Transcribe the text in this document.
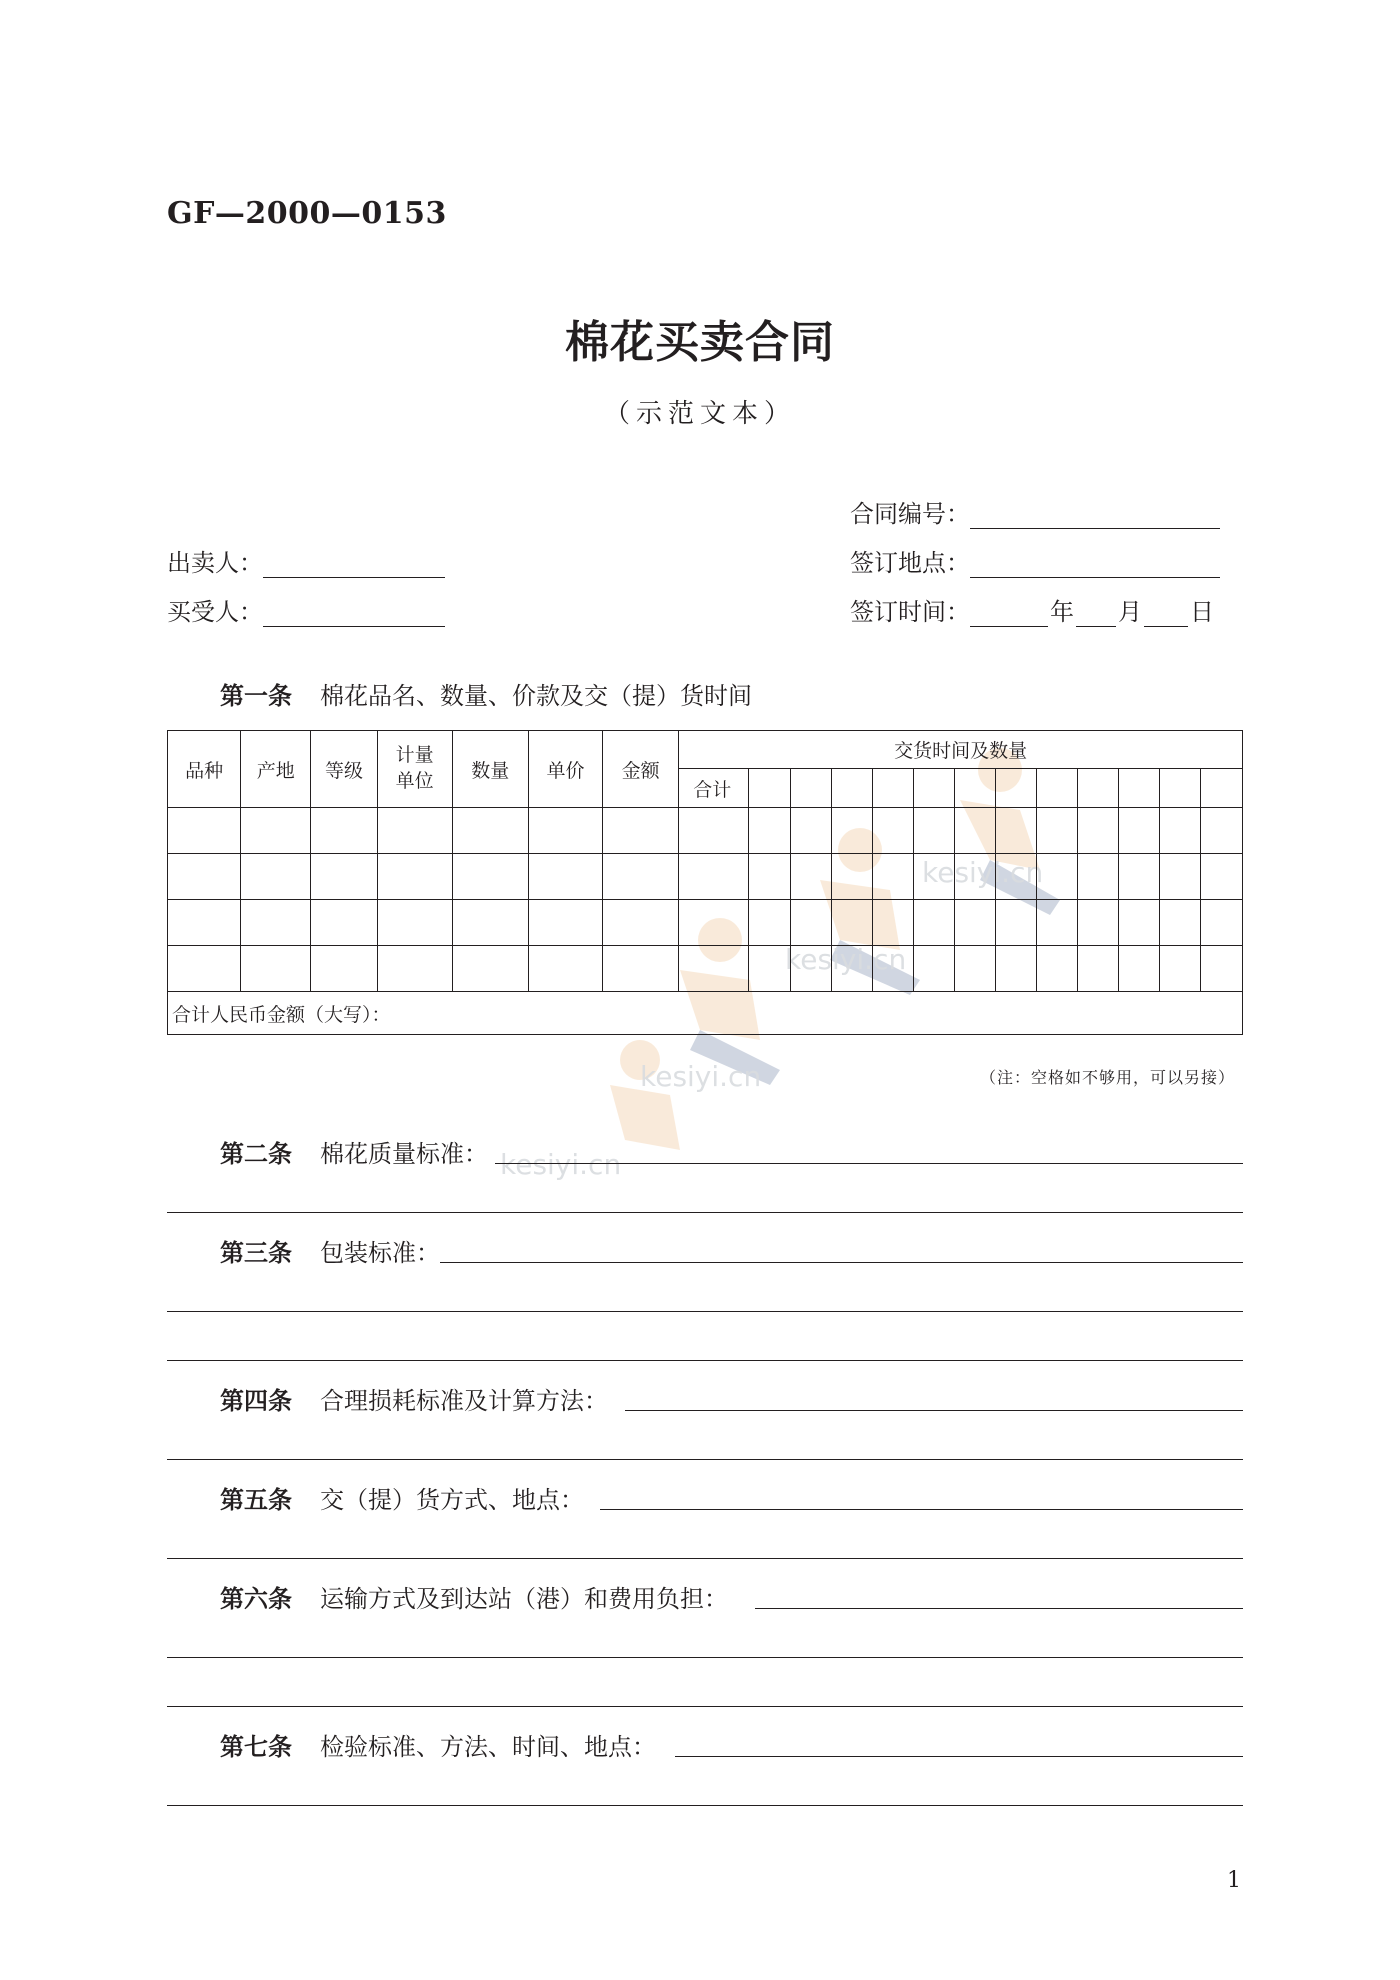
kesiyi.cn
kesiyi.cn
kesiyi.cn
kesiyi.cn
GF—2000—0153
棉花买卖合同
（示范文本）
合同编号：
出卖人：	签订地点：
买受人：	签订时间：	年 月 日
第一条 棉花品名、数量、价款及交（提）货时间
品种	产地	等级	计量单位	数量	单价	金额	交货时间及数量												
							合计												

合计人民币金额（大写）：																			
（注：空格如不够用，可以另接）
第二条 棉花质量标准：
第三条 包装标准：
第四条 合理损耗标准及计算方法：
第五条 交（提）货方式、地点：
第六条 运输方式及到达站（港）和费用负担：
第七条 检验标准、方法、时间、地点：
1
